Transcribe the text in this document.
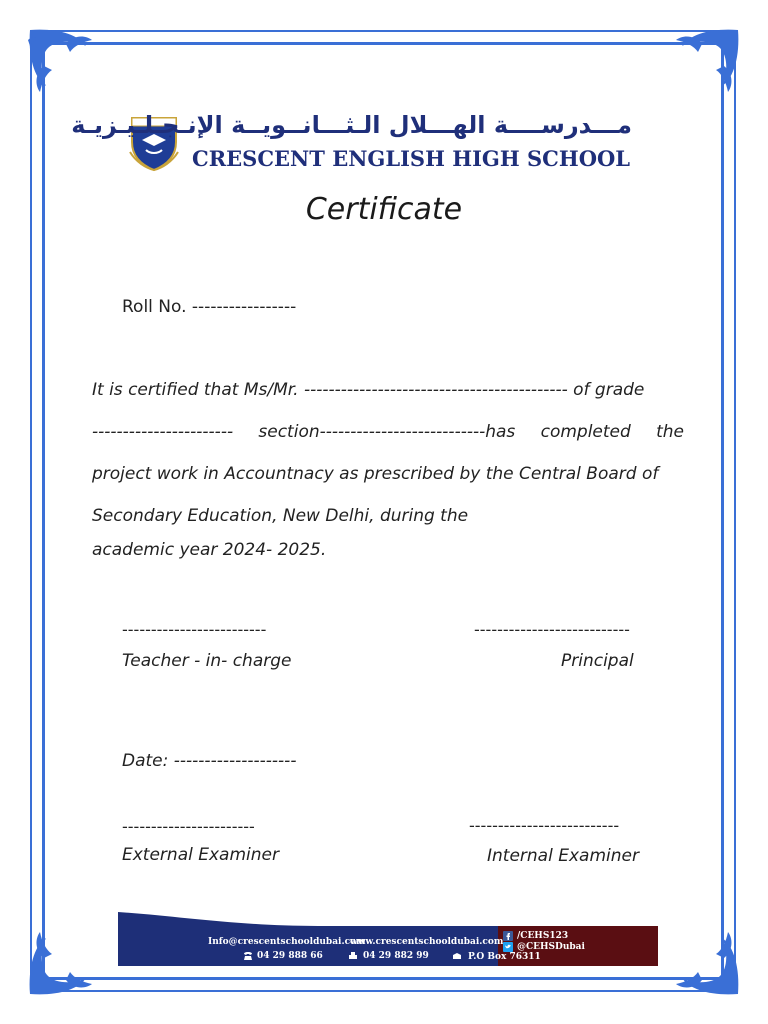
مـــدرســــة الهـــلال الـثـــانــويــة الإنـجـلـيـزيـة
CRESCENT ENGLISH HIGH SCHOOL
Certificate
Roll No. -----------------
It is certified that Ms/Mr. ------------------------------------------- of grade
----------------------- section---------------------------has completed the
project work in Accountnacy as prescribed by the Central Board of
Secondary Education, New Delhi, during the
academic year 2024- 2025.
-------------------------
Teacher - in- charge
---------------------------
Principal
Date: --------------------
-----------------------
External Examiner
--------------------------
Internal Examiner
Info@crescentschooldubai.com
www.crescentschooldubai.com
04 29 888 66	04 29 882 99	P.O Box 76311
/CEHS123
@CEHSDubai
